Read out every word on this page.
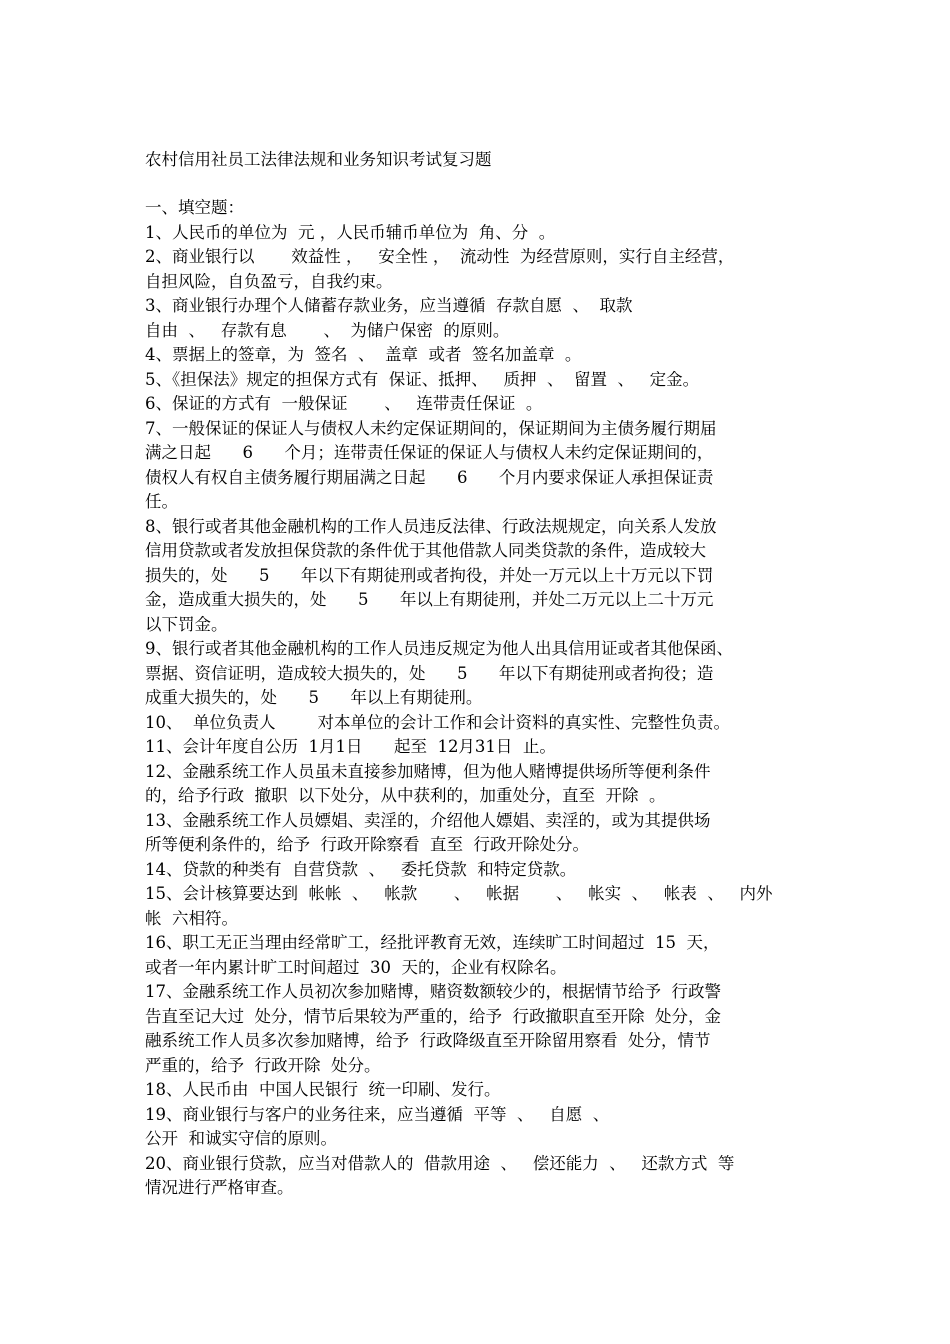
农村信用社员工法律法规和业务知识考试复习题
一、填空题：
1、人民币的单位为  元 ，人民币辅币单位为  角、分  。
2、商业银行以       效益性 ，   安全性 ，  流动性  为经营原则，实行自主经营，
自担风险，自负盈亏，自我约束。
3、商业银行办理个人储蓄存款业务，应当遵循  存款自愿  、  取款
自由  、   存款有息       、  为储户保密  的原则。
4、票据上的签章，为  签名  、  盖章  或者  签名加盖章  。
5、《担保法》规定的担保方式有  保证、抵押、   质押  、  留置  、   定金。
6、保证的方式有  一般保证       、   连带责任保证  。
7、一般保证的保证人与债权人未约定保证期间的，保证期间为主债务履行期届
满之日起      6      个月；连带责任保证的保证人与债权人未约定保证期间的，
债权人有权自主债务履行期届满之日起      6      个月内要求保证人承担保证责
任。
8、银行或者其他金融机构的工作人员违反法律、行政法规规定，向关系人发放
信用贷款或者发放担保贷款的条件优于其他借款人同类贷款的条件，造成较大
损失的，处      5      年以下有期徒刑或者拘役，并处一万元以上十万元以下罚
金，造成重大损失的，处      5      年以上有期徒刑，并处二万元以上二十万元
以下罚金。
9、银行或者其他金融机构的工作人员违反规定为他人出具信用证或者其他保函、
票据、资信证明，造成较大损失的，处      5      年以下有期徒刑或者拘役；造
成重大损失的，处      5      年以上有期徒刑。
10、  单位负责人        对本单位的会计工作和会计资料的真实性、完整性负责。
11、会计年度自公历  1月1日      起至  12月31日  止。
12、金融系统工作人员虽未直接参加赌博，但为他人赌博提供场所等便利条件
的，给予行政  撤职  以下处分，从中获利的，加重处分，直至  开除  。
13、金融系统工作人员嫖娼、卖淫的，介绍他人嫖娼、卖淫的，或为其提供场
所等便利条件的，给予  行政开除察看  直至  行政开除处分。
14、贷款的种类有  自营贷款  、   委托贷款  和特定贷款。
15、会计核算要达到  帐帐  、   帐款       、   帐据       、   帐实  、   帐表  、   内外
帐  六相符。
16、职工无正当理由经常旷工，经批评教育无效，连续旷工时间超过  15  天，
或者一年内累计旷工时间超过  30  天的，企业有权除名。
17、金融系统工作人员初次参加赌博，赌资数额较少的，根据情节给予  行政警
告直至记大过  处分，情节后果较为严重的，给予  行政撤职直至开除  处分，金
融系统工作人员多次参加赌博，给予  行政降级直至开除留用察看  处分，情节
严重的，给予  行政开除  处分。
18、人民币由  中国人民银行  统一印刷、发行。
19、商业银行与客户的业务往来，应当遵循  平等  、   自愿  、
公开  和诚实守信的原则。
20、商业银行贷款，应当对借款人的  借款用途  、   偿还能力  、   还款方式  等
情况进行严格审查。
